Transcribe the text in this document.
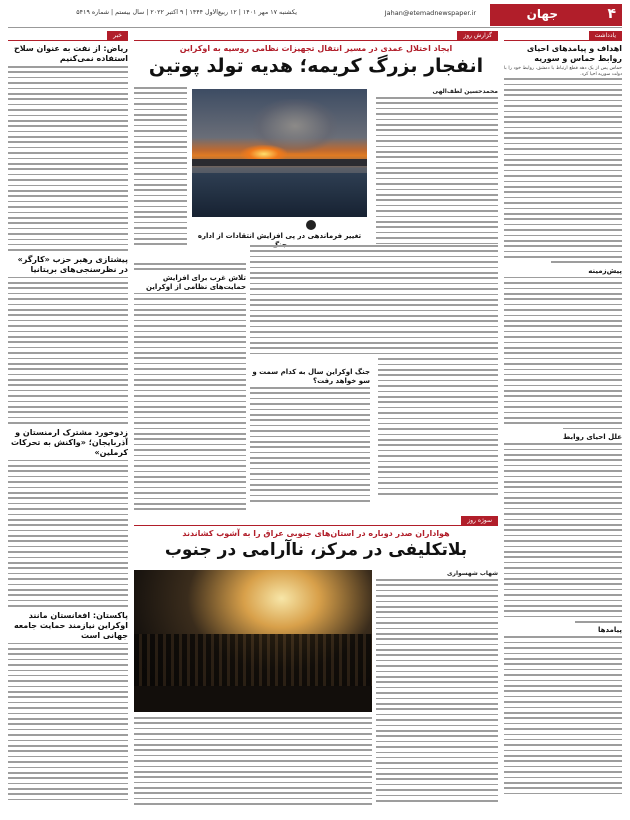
۴
جهان
Jahan@etemadnewspaper.ir
یکشنبه ۱۷ مهر ۱۴۰۱ | ۱۲ ربیع‌الاول ۱۴۴۴ | ۹ اکتبر ۲۰۲۲ | سال بیستم | شماره ۵۴۱۹
یادداشت
اهداف و پیامدهای احیای روابط حماس و سوریه
حماس پس از یک دهه قطع ارتباط با دمشق، روابط خود را با دولت سوریه احیا کرد.
پیش‌زمینه
علل احیای روابط
پیامدها
گزارش روز
ایجاد اختلال عمدی در مسیر انتقال تجهیزات نظامی روسیه به اوکراین
انفجار بزرگ کریمه؛ هدیه تولد پوتین
محمدحسین لطف‌الهی
تغییر فرماندهی در پی افزایش انتقادات از اداره
جنگ اوکراین سال به کدام سمت و سو خواهد رفت؟
تلاش غرب برای افزایش حمایت‌های نظامی از اوکراین
سوژه روز
هواداران صدر دوباره در استان‌های جنوبی عراق را به آشوب کشاندند
بلاتکلیفی در مرکز، ناآرامی در جنوب
شهاب شهسواری
خبر
ریاض: از نفت به عنوان سلاح استفاده نمی‌کنیم
پیشتازی رهبر حزب «کارگر» در نظرسنجی‌های بریتانیا
زدوخورد مشترک ارمنستان و آذربایجان؛ «واکنش به تحرکات کرملین»
پاکستان: افغانستان مانند اوکراین نیازمند حمایت جامعه جهانی است
